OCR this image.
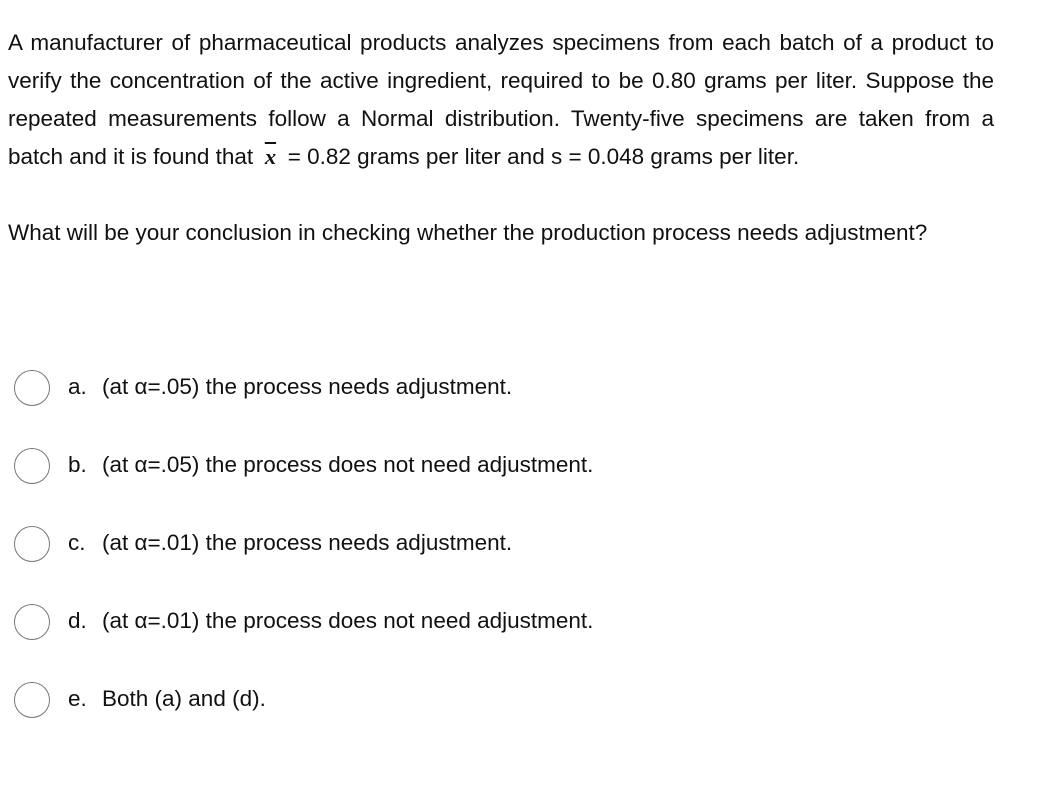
A manufacturer of pharmaceutical products analyzes specimens from each batch of a product to verify the concentration of the active ingredient, required to be 0.80 grams per liter. Suppose the repeated measurements follow a Normal distribution. Twenty-five specimens are taken from a batch and it is found that $\overline{x} = 0.82$ grams per liter and s = 0.048 grams per liter.

What will be your conclusion in checking whether the production process needs adjustment?

a. (at α=.05) the process needs adjustment.
b. (at α=.05) the process does not need adjustment.
c. (at α=.01) the process needs adjustment.
d. (at α=.01) the process does not need adjustment.
e. Both (a) and (d).
